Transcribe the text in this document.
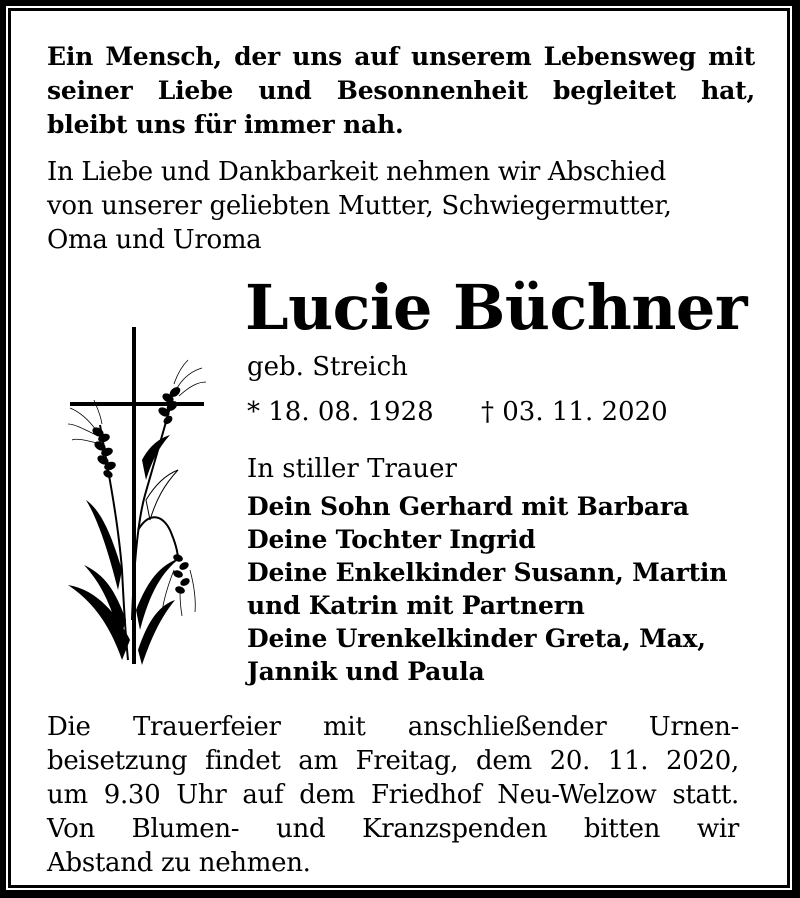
Ein Mensch, der uns auf unserem Lebensweg mit
seiner Liebe und Besonnenheit begleitet hat,
bleibt uns für immer nah.
In Liebe und Dankbarkeit nehmen wir Abschied
von unserer geliebten Mutter, Schwiegermutter,
Oma und Uroma
Lucie Büchner
geb. Streich
* 18. 08. 1928 † 03. 11. 2020
In stiller Trauer
Dein Sohn Gerhard mit Barbara
Deine Tochter Ingrid
Deine Enkelkinder Susann, Martin
und Katrin mit Partnern
Deine Urenkelkinder Greta, Max,
Jannik und Paula
Die Trauerfeier mit anschließender Urnen-
beisetzung findet am Freitag, dem 20. 11. 2020,
um 9.30 Uhr auf dem Friedhof Neu-Welzow statt.
Von Blumen- und Kranzspenden bitten wir
Abstand zu nehmen.
